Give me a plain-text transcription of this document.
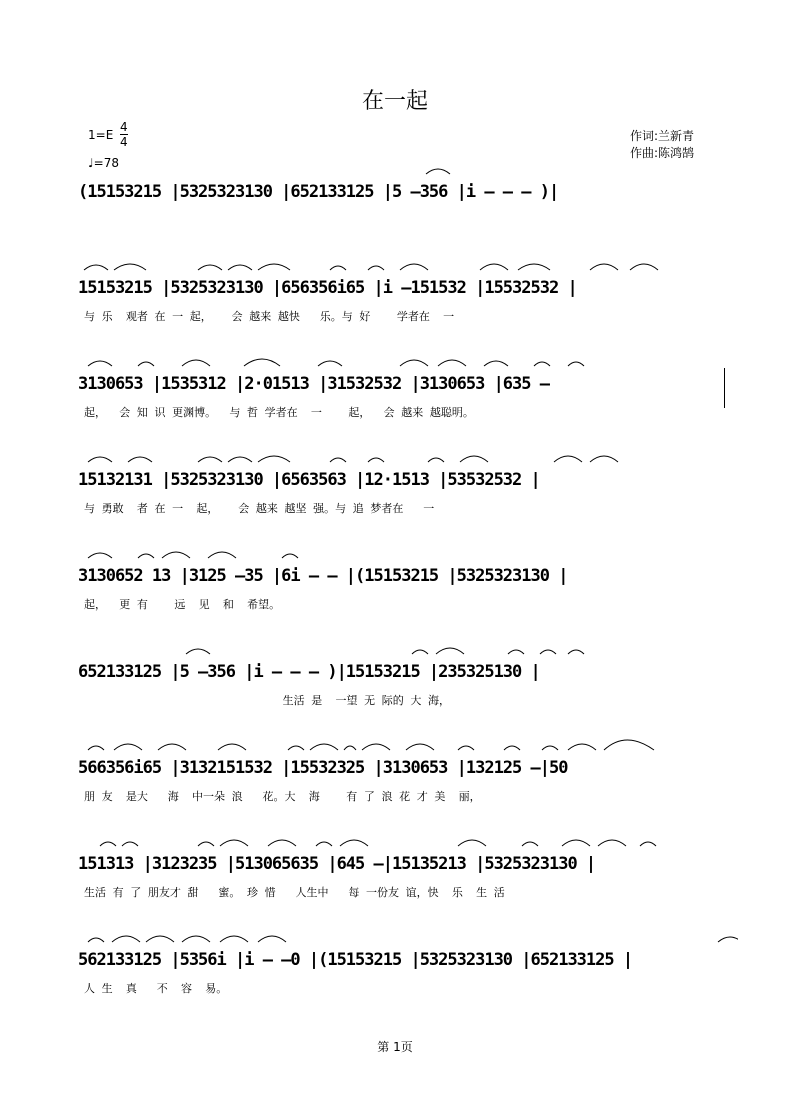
在一起
1=E
4
4
♩=78
作词:兰新青
作曲:陈鸿鹄
(15153215 |5325323130 |652133125 |5 –356 |i – – – )|
15153215 |5325323130 |656356i65 |i –151532 |15532532 |
与 乐  观者 在 一 起，   会 越来 越快   乐。与 好    学者在  一
3130653 |1535312 |2·01513 |31532532 |3130653 |635 –
起，  会 知 识 更渊博。  与 哲 学者在  一    起，  会 越来 越聪明。
15132131 |5325323130 |6563563 |12·1513 |53532532 |
与 勇敢  者 在 一  起，   会 越来 越坚 强。与 追 梦者在   一
3130652 13 |3125 –35 |6i – – |(15153215 |5325323130 |
起，  更 有    远  见  和  希望。
652133125 |5 –356 |i – – – )|15153215 |235325130 |
生活 是  一望 无 际的 大 海，
566356i65 |3132151532 |15532325 |3130653 |132125 –|50
朋 友  是大   海  中一朵 浪   花。大  海    有 了 浪 花 才 美  丽，
151313 |3123235 |513065635 |645 –|15135213 |5325323130 |
生活 有 了 朋友才 甜   蜜。 珍 惜   人生中   每 一份友 谊，快  乐  生 活
562133125 |5356i |i – –0 |(15153215 |5325323130 |652133125 |
人 生  真   不  容  易。
第 1页
